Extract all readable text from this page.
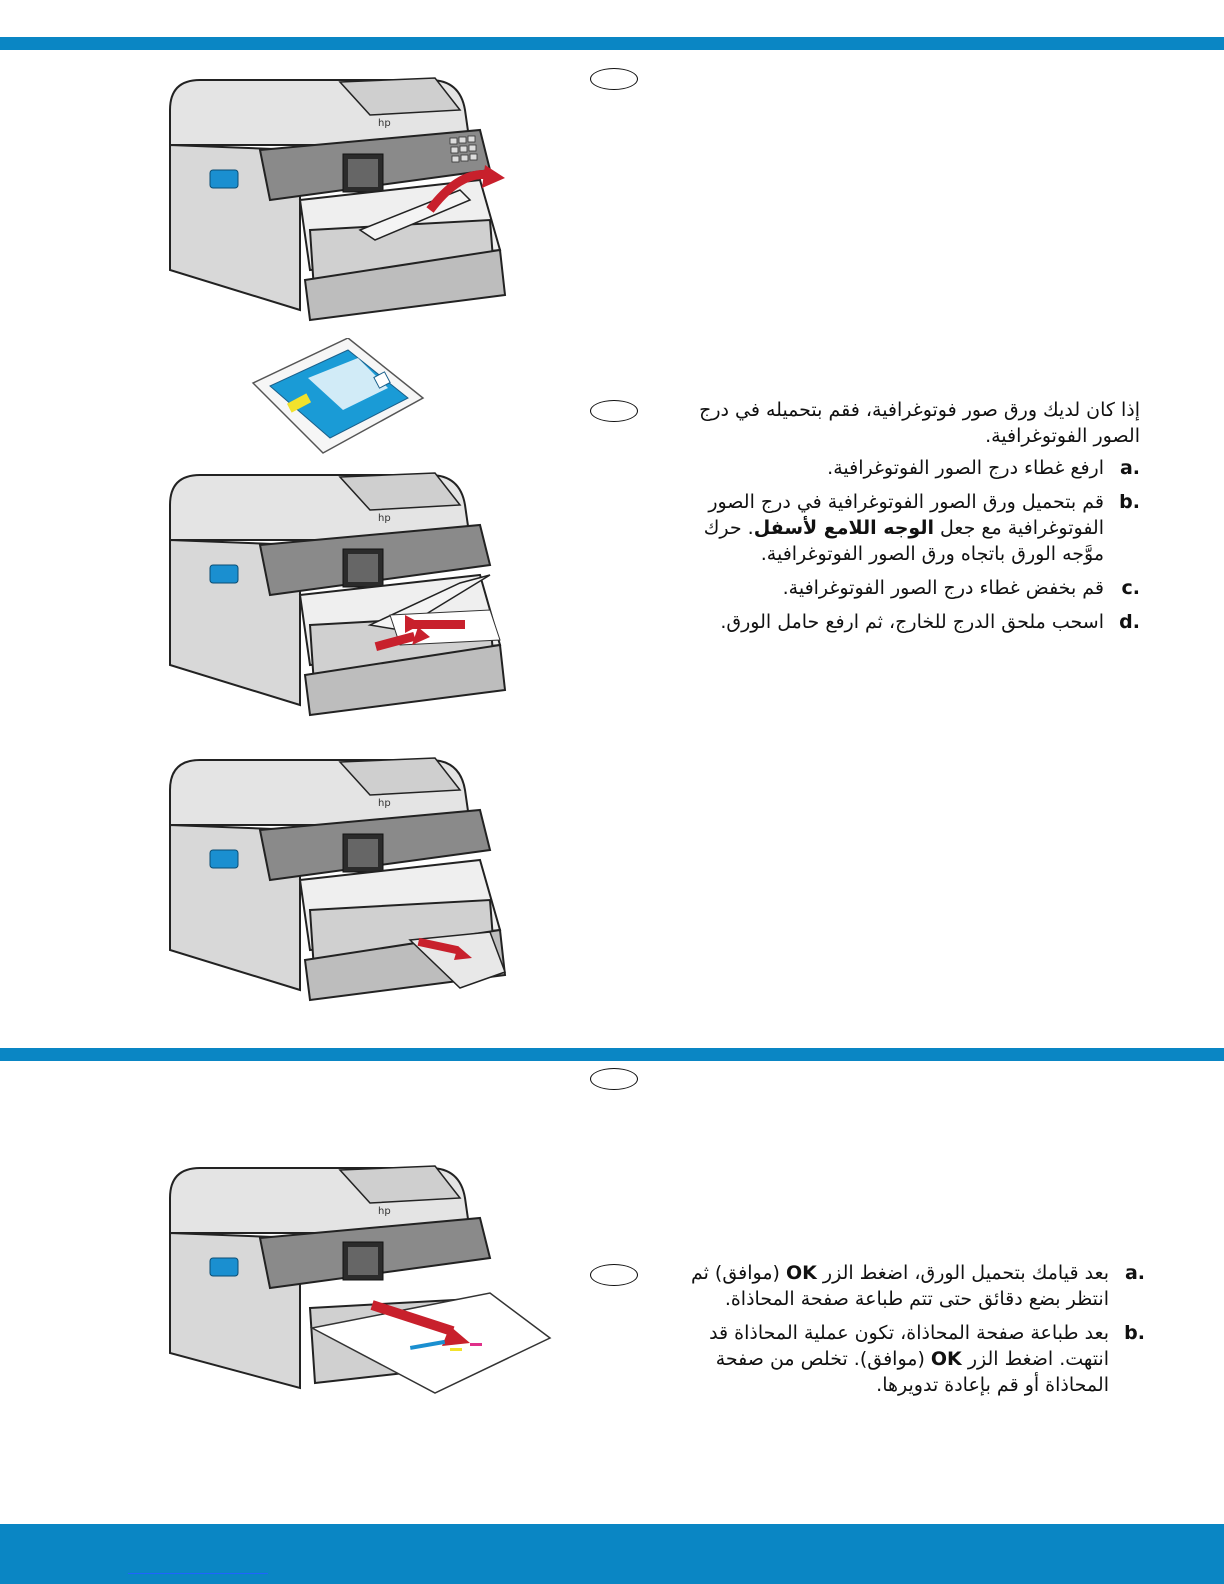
hp
hp
hp
hp
إذا كان لديك ورق صور فوتوغرافية، فقم بتحميله في درج الصور الفوتوغرافية.
a.
ارفع غطاء درج الصور الفوتوغرافية.
b.
قم بتحميل ورق الصور الفوتوغرافية في درج الصور الفوتوغرافية مع جعل الوجه اللامع لأسفل. حرك موَّجه الورق باتجاه ورق الصور الفوتوغرافية.
c.
قم بخفض غطاء درج الصور الفوتوغرافية.
d.
اسحب ملحق الدرج للخارج، ثم ارفع حامل الورق.
a.
بعد قيامك بتحميل الورق، اضغط الزر OK (موافق) ثم انتظر بضع دقائق حتى تتم طباعة صفحة المحاذاة.
b.
بعد طباعة صفحة المحاذاة، تكون عملية المحاذاة قد انتهت. اضغط الزر OK (موافق). تخلص من صفحة المحاذاة أو قم بإعادة تدويرها.
